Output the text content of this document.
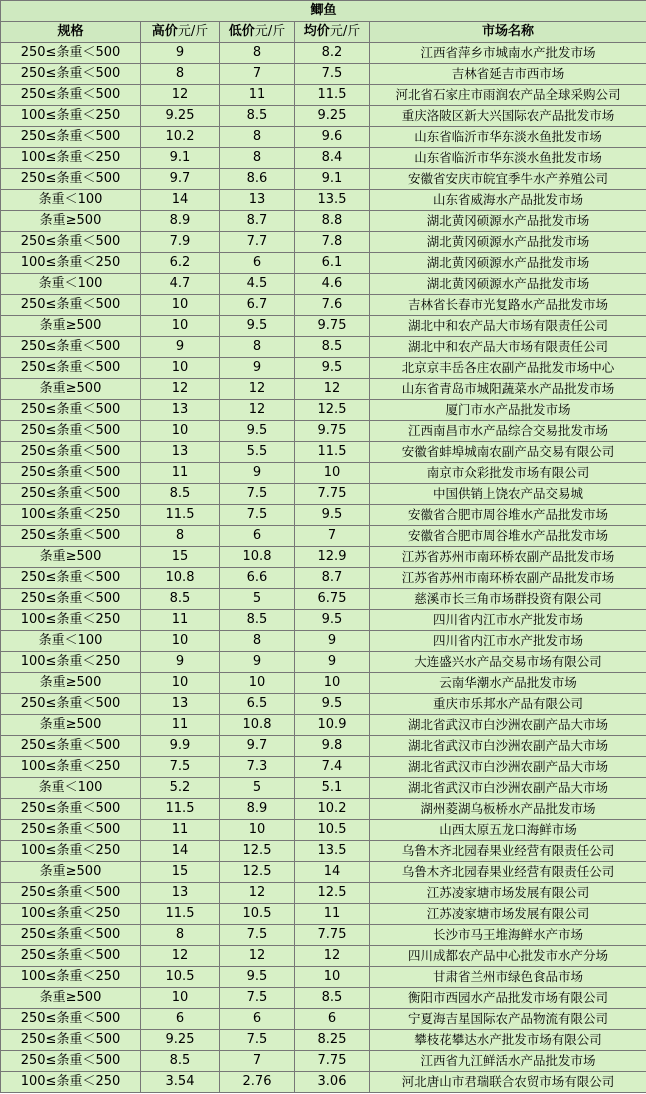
鲫鱼				
规格	高价元/斤	低价元/斤	均价元/斤	市场名称
250≤条重＜500	9	8	8.2	江西省萍乡市城南水产批发市场
250≤条重＜500	8	7	7.5	吉林省延吉市西市场
250≤条重＜500	12	11	11.5	河北省石家庄市雨润农产品全球采购公司
100≤条重＜250	9.25	8.5	9.25	重庆洛陂区新大兴国际农产品批发市场
250≤条重＜500	10.2	8	9.6	山东省临沂市华东淡水鱼批发市场
100≤条重＜250	9.1	8	8.4	山东省临沂市华东淡水鱼批发市场
250≤条重＜500	9.7	8.6	9.1	安徽省安庆市皖宜季牛水产养殖公司
条重＜100	14	13	13.5	山东省威海水产品批发市场
条重≥500	8.9	8.7	8.8	湖北黄冈硕源水产品批发市场
250≤条重＜500	7.9	7.7	7.8	湖北黄冈硕源水产品批发市场
100≤条重＜250	6.2	6	6.1	湖北黄冈硕源水产品批发市场
条重＜100	4.7	4.5	4.6	湖北黄冈硕源水产品批发市场
250≤条重＜500	10	6.7	7.6	吉林省长春市光复路水产品批发市场
条重≥500	10	9.5	9.75	湖北中和农产品大市场有限责任公司
250≤条重＜500	9	8	8.5	湖北中和农产品大市场有限责任公司
250≤条重＜500	10	9	9.5	北京京丰岳各庄农副产品批发市场中心
条重≥500	12	12	12	山东省青岛市城阳蔬菜水产品批发市场
250≤条重＜500	13	12	12.5	厦门市水产品批发市场
250≤条重＜500	10	9.5	9.75	江西南昌市水产品综合交易批发市场
250≤条重＜500	13	5.5	11.5	安徽省蚌埠城南农副产品交易有限公司
250≤条重＜500	11	9	10	南京市众彩批发市场有限公司
250≤条重＜500	8.5	7.5	7.75	中国供销上饶农产品交易城
100≤条重＜250	11.5	7.5	9.5	安徽省合肥市周谷堆水产品批发市场
250≤条重＜500	8	6	7	安徽省合肥市周谷堆水产品批发市场
条重≥500	15	10.8	12.9	江苏省苏州市南环桥农副产品批发市场
250≤条重＜500	10.8	6.6	8.7	江苏省苏州市南环桥农副产品批发市场
250≤条重＜500	8.5	5	6.75	慈溪市长三角市场群投资有限公司
100≤条重＜250	11	8.5	9.5	四川省内江市水产批发市场
条重＜100	10	8	9	四川省内江市水产批发市场
100≤条重＜250	9	9	9	大连盛兴水产品交易市场有限公司
条重≥500	10	10	10	云南华潮水产品批发市场
250≤条重＜500	13	6.5	9.5	重庆市乐邦水产品有限公司
条重≥500	11	10.8	10.9	湖北省武汉市白沙洲农副产品大市场
250≤条重＜500	9.9	9.7	9.8	湖北省武汉市白沙洲农副产品大市场
100≤条重＜250	7.5	7.3	7.4	湖北省武汉市白沙洲农副产品大市场
条重＜100	5.2	5	5.1	湖北省武汉市白沙洲农副产品大市场
250≤条重＜500	11.5	8.9	10.2	湖州菱湖乌板桥水产品批发市场
250≤条重＜500	11	10	10.5	山西太原五龙口海鲜市场
100≤条重＜250	14	12.5	13.5	乌鲁木齐北园春果业经营有限责任公司
条重≥500	15	12.5	14	乌鲁木齐北园春果业经营有限责任公司
250≤条重＜500	13	12	12.5	江苏凌家塘市场发展有限公司
100≤条重＜250	11.5	10.5	11	江苏凌家塘市场发展有限公司
250≤条重＜500	8	7.5	7.75	长沙市马王堆海鲜水产市场
250≤条重＜500	12	12	12	四川成都农产品中心批发市水产分场
100≤条重＜250	10.5	9.5	10	甘肃省兰州市绿色食品市场
条重≥500	10	7.5	8.5	衡阳市西园水产品批发市场有限公司
250≤条重＜500	6	6	6	宁夏海吉星国际农产品物流有限公司
250≤条重＜500	9.25	7.5	8.25	攀枝花攀达水产批发市场有限公司
250≤条重＜500	8.5	7	7.75	江西省九江鲜活水产品批发市场
100≤条重＜250	3.54	2.76	3.06	河北唐山市君瑞联合农贸市场有限公司
